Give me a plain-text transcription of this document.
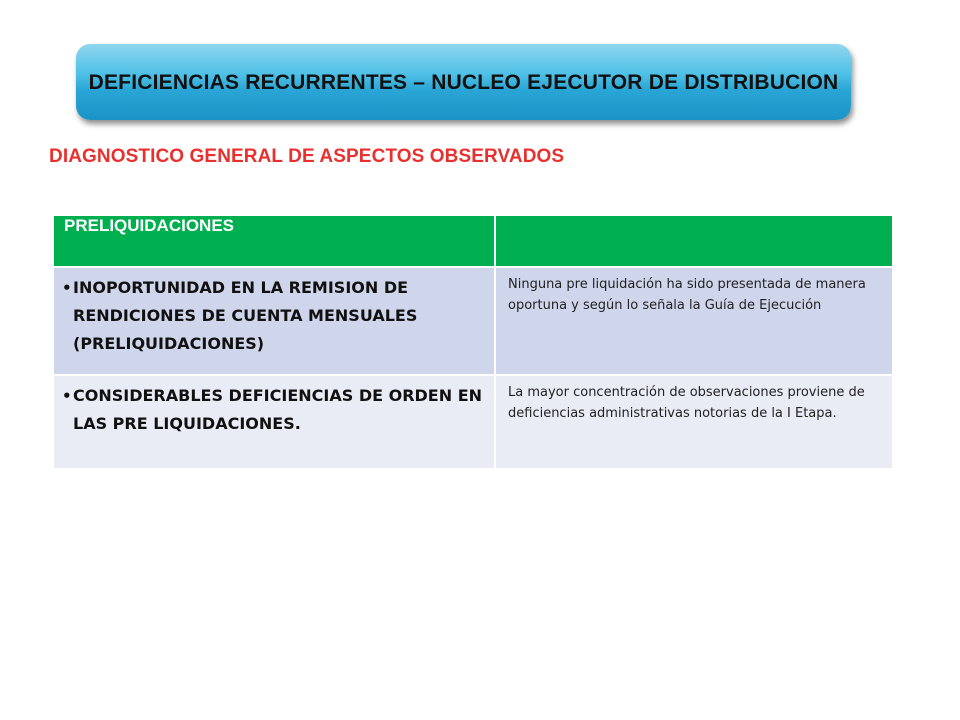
DEFICIENCIAS RECURRENTES – NUCLEO EJECUTOR DE DISTRIBUCION
DIAGNOSTICO GENERAL DE ASPECTOS OBSERVADOS
PRELIQUIDACIONES	

• INOPORTUNIDAD EN LA REMISION DE RENDICIONES DE CUENTA MENSUALES (PRELIQUIDACIONES)	Ninguna pre liquidación ha sido presentada de manera oportuna y según lo señala la Guía de Ejecución

• CONSIDERABLES DEFICIENCIAS DE ORDEN EN LAS PRE LIQUIDACIONES.	La mayor concentración de observaciones proviene de deficiencias administrativas notorias de la I Etapa.
